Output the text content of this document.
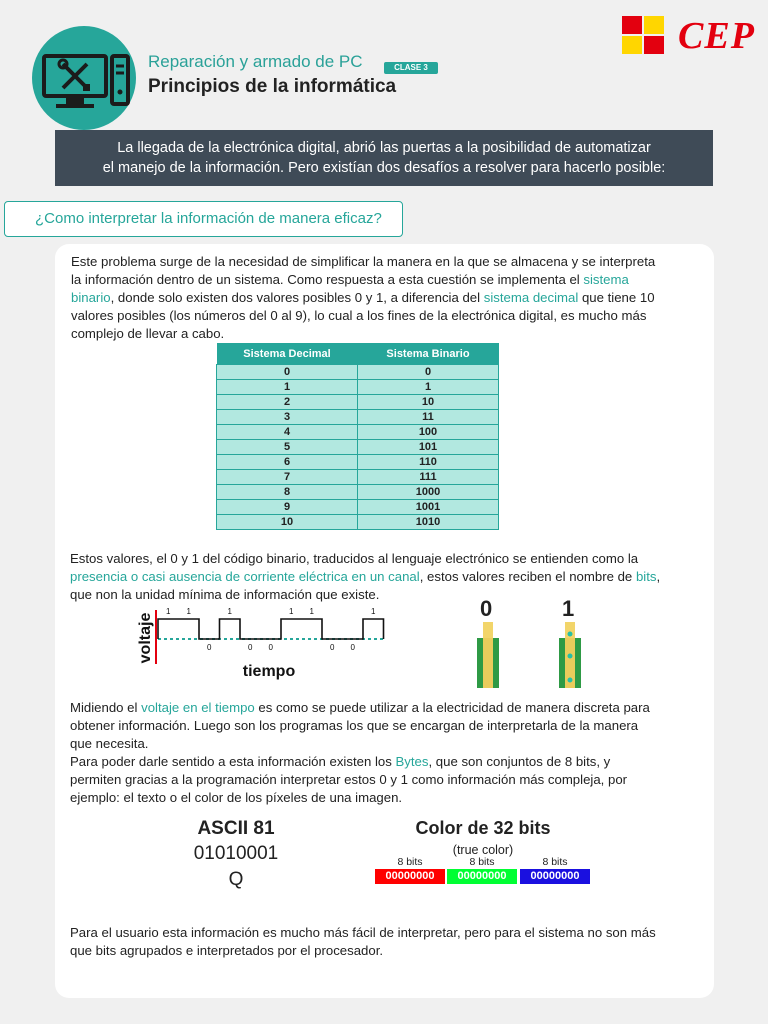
Reparación y armado de PC	CLASE 3
Principios de la informática
CEP
La llegada de la electrónica digital, abrió las puertas a la posibilidad de automatizar
el manejo de la información. Pero existían dos desafíos a resolver para hacerlo posible:
¿Como interpretar la información de manera eficaz?
Este problema surge de la necesidad de simplificar la manera en la que se almacena y se interpreta
la información dentro de un sistema. Como respuesta a esta cuestión se implementa el sistema
binario, donde solo existen dos valores posibles 0 y 1, a diferencia del sistema decimal que tiene 10
valores posibles (los números del 0 al 9), lo cual a los fines de la electrónica digital, es mucho más
complejo de llevar a cabo.
Sistema Decimal	Sistema Binario
0	0
1	1
2	10
3	11
4	100
5	101
6	110
7	111
8	1000
9	1001
10	1010
Estos valores, el 0 y 1 del código binario, traducidos al lenguaje electrónico se entienden como la
presencia o casi ausencia de corriente eléctrica en un canal, estos valores reciben el nombre de bits,
que non la unidad mínima de información que existe.
voltaje
tiempo
1 1
0
1
0 0
1 1
0 0
1	0	1
Midiendo el voltaje en el tiempo es como se puede utilizar a la electricidad de manera discreta para
obtener información. Luego son los programas los que se encargan de interpretarla de la manera
que necesita.
Para poder darle sentido a esta información existen los Bytes, que son conjuntos de 8 bits, y
permiten gracias a la programación interpretar estos 0 y 1 como información más compleja, por
ejemplo: el texto o el color de los píxeles de una imagen.
ASCII 81
01010001
Q
Color de 32 bits
(true color)
8 bits	8 bits	8 bits
00000000	00000000	00000000
Para el usuario esta información es mucho más fácil de interpretar, pero para el sistema no son más
que bits agrupados e interpretados por el procesador.
